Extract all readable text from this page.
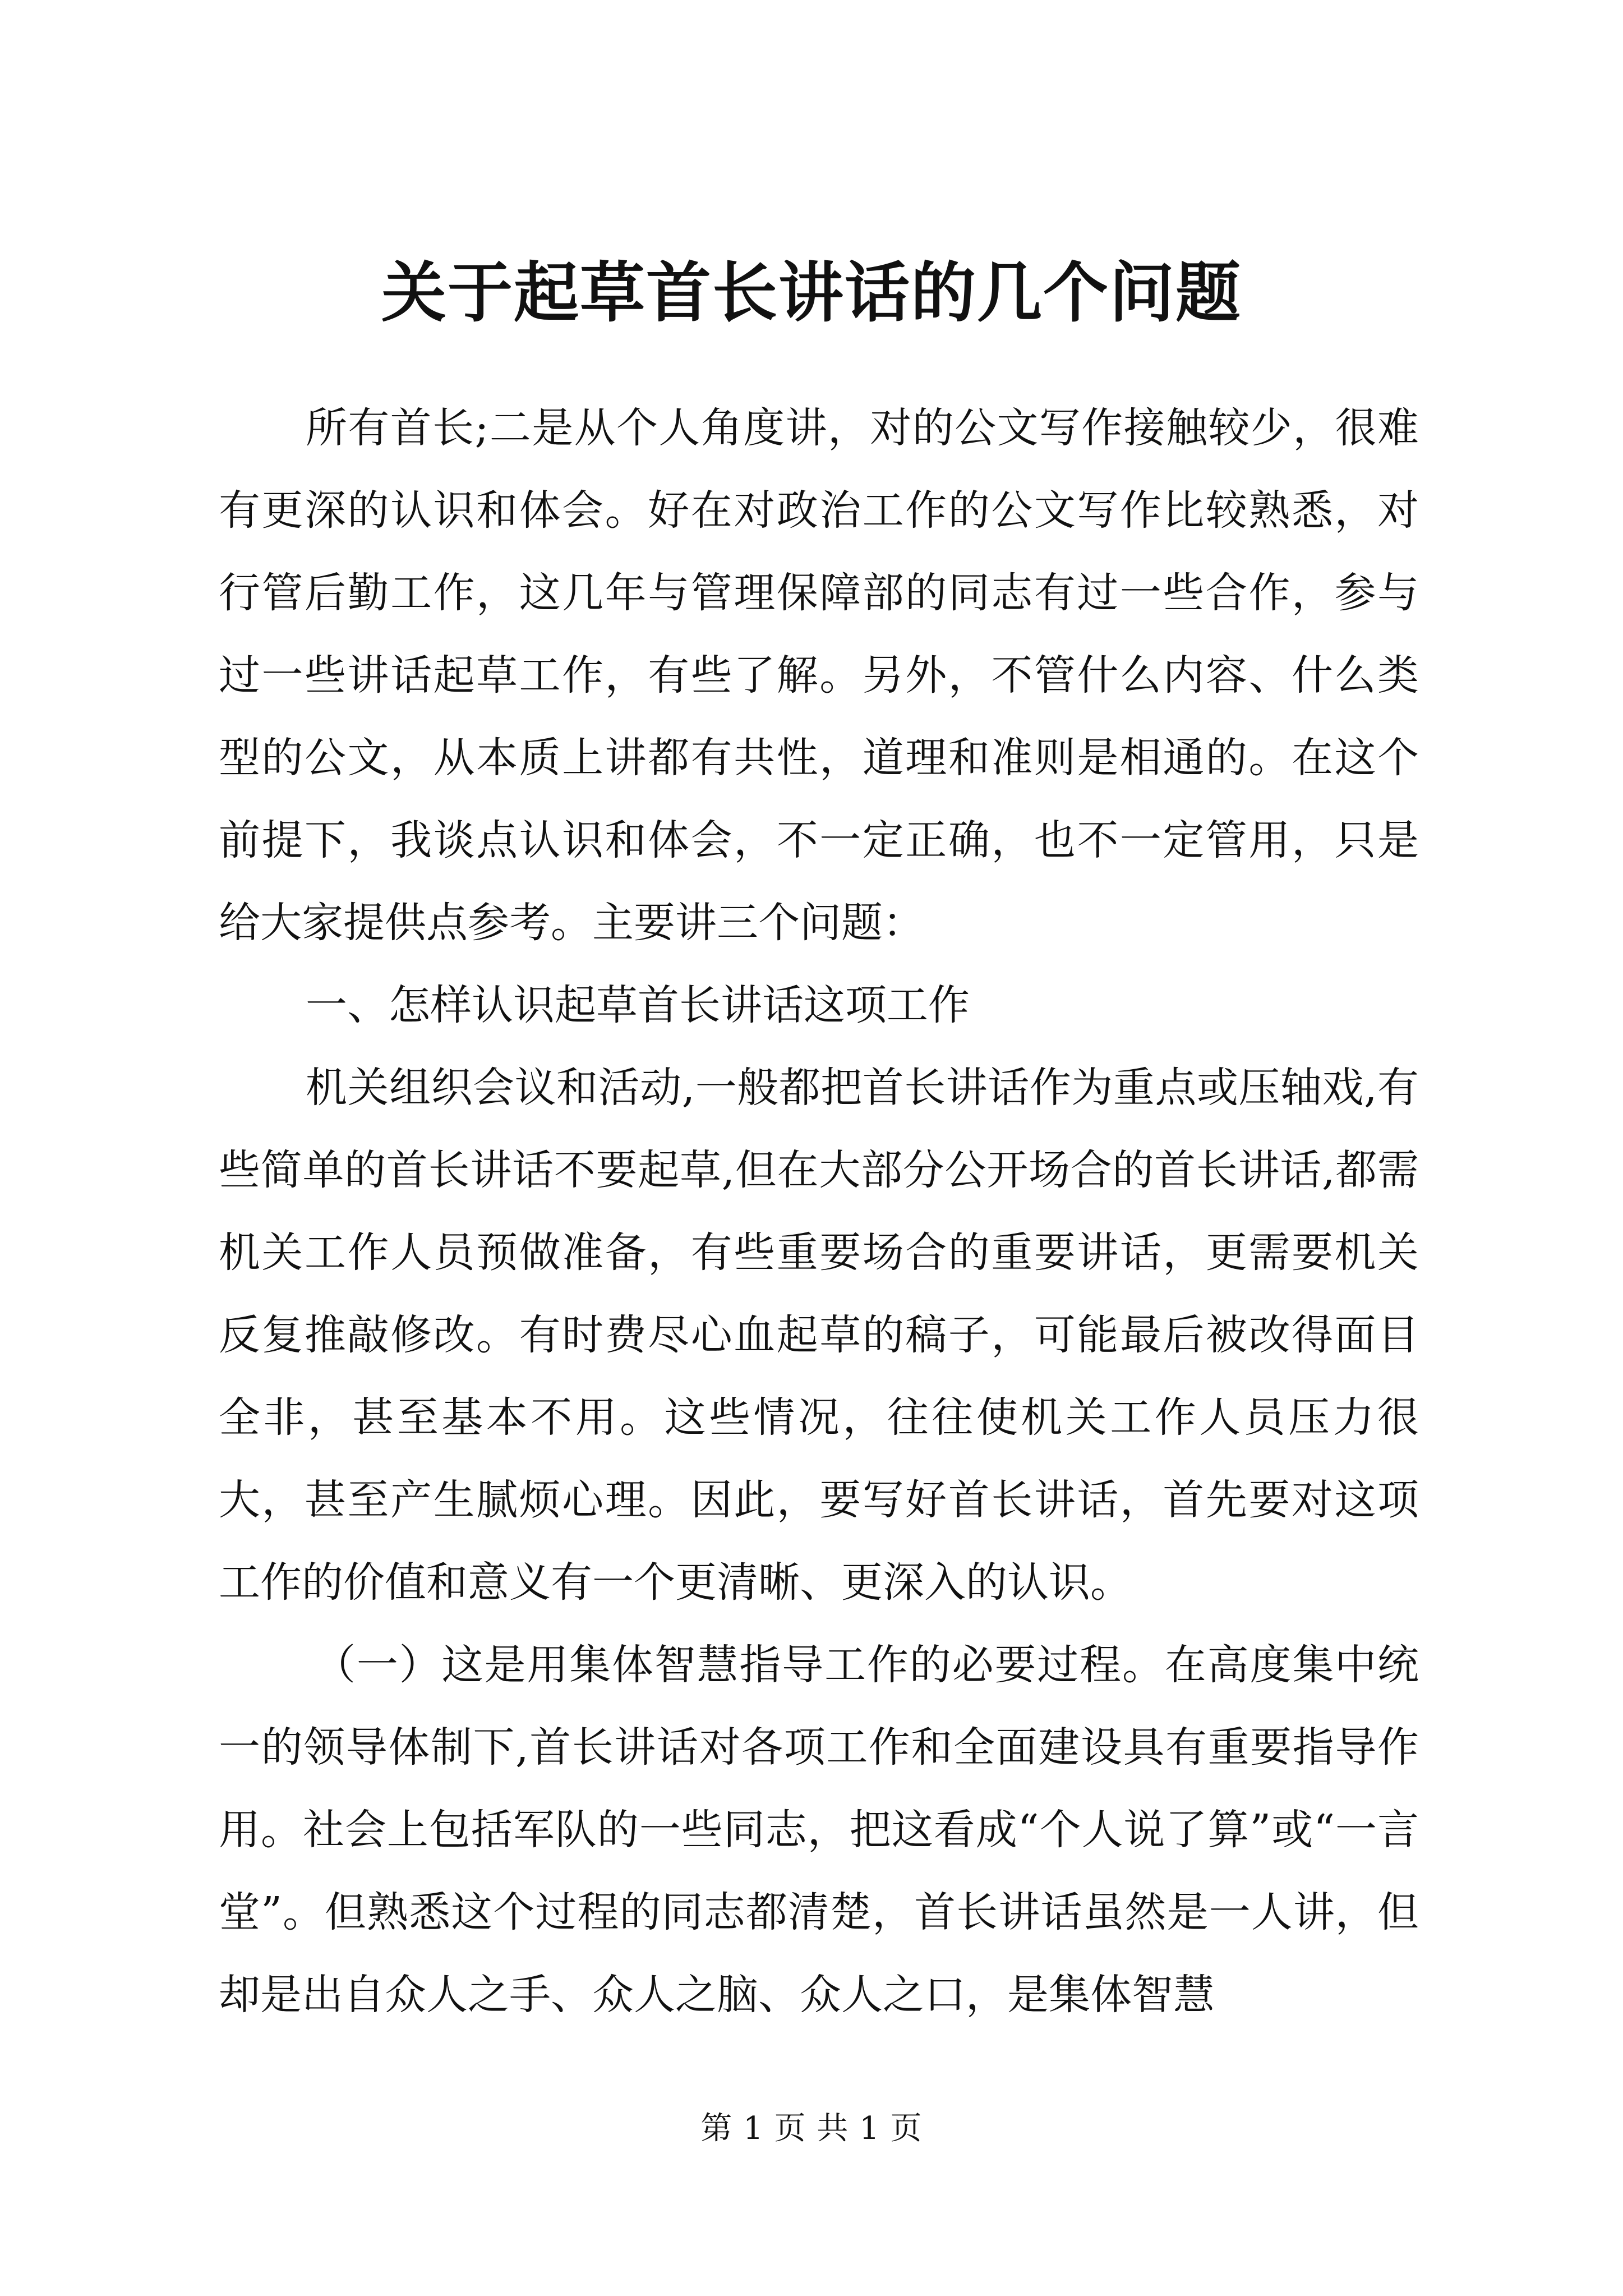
关于起草首长讲话的几个问题

所有首长;二是从个人角度讲，对的公文写作接触较少，很难有更深的认识和体会。好在对政治工作的公文写作比较熟悉，对行管后勤工作，这几年与管理保障部的同志有过一些合作，参与过一些讲话起草工作，有些了解。另外，不管什么内容、什么类型的公文，从本质上讲都有共性，道理和准则是相通的。在这个前提下，我谈点认识和体会，不一定正确，也不一定管用，只是给大家提供点参考。主要讲三个问题：

一、怎样认识起草首长讲话这项工作

机关组织会议和活动,一般都把首长讲话作为重点或压轴戏,有些简单的首长讲话不要起草,但在大部分公开场合的首长讲话,都需机关工作人员预做准备，有些重要场合的重要讲话，更需要机关反复推敲修改。有时费尽心血起草的稿子，可能最后被改得面目全非，甚至基本不用。这些情况，往往使机关工作人员压力很大，甚至产生腻烦心理。因此，要写好首长讲话，首先要对这项工作的价值和意义有一个更清晰、更深入的认识。

（一）这是用集体智慧指导工作的必要过程。在高度集中统一的领导体制下,首长讲话对各项工作和全面建设具有重要指导作用。社会上包括军队的一些同志，把这看成“个人说了算”或“一言堂”。但熟悉这个过程的同志都清楚，首长讲话虽然是一人讲，但却是出自众人之手、众人之脑、众人之口，是集体智慧

第 1 页 共 1 页
